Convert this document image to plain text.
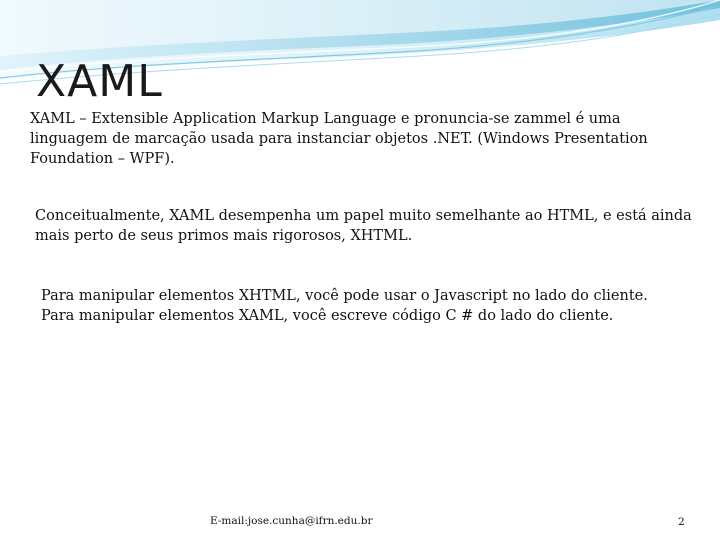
XAML

XAML – Extensible Application Markup Language e pronuncia-se zammel é uma linguagem de marcação usada para instanciar objetos .NET. (Windows Presentation Foundation – WPF).

Conceitualmente, XAML desempenha um papel muito semelhante ao HTML, e está ainda mais perto de seus primos mais rigorosos, XHTML.

Para manipular elementos XHTML, você pode usar o Javascript no lado do cliente. Para manipular elementos XAML, você escreve código C # do lado do cliente.

E-mail:jose.cunha@ifrn.edu.br	2
